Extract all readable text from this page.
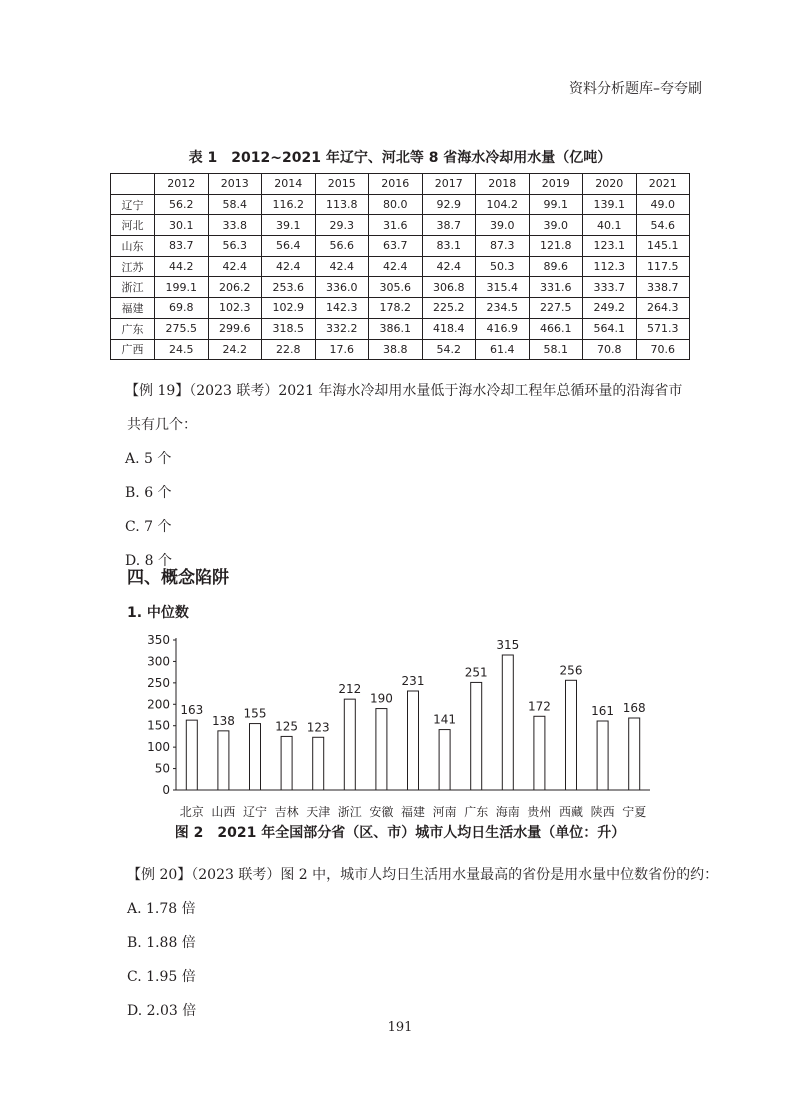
资料分析题库–夸夸刷
表 1　2012~2021 年辽宁、河北等 8 省海水冷却用水量（亿吨）
	2012	2013	2014	2015	2016	2017	2018	2019	2020	2021
辽宁	56.2	58.4	116.2	113.8	80.0	92.9	104.2	99.1	139.1	49.0
河北	30.1	33.8	39.1	29.3	31.6	38.7	39.0	39.0	40.1	54.6
山东	83.7	56.3	56.4	56.6	63.7	83.1	87.3	121.8	123.1	145.1
江苏	44.2	42.4	42.4	42.4	42.4	42.4	50.3	89.6	112.3	117.5
浙江	199.1	206.2	253.6	336.0	305.6	306.8	315.4	331.6	333.7	338.7
福建	69.8	102.3	102.9	142.3	178.2	225.2	234.5	227.5	249.2	264.3
广东	275.5	299.6	318.5	332.2	386.1	418.4	416.9	466.1	564.1	571.3
广西	24.5	24.2	22.8	17.6	38.8	54.2	61.4	58.1	70.8	70.6
【例 19】（2023 联考）2021 年海水冷却用水量低于海水冷却工程年总循环量的沿海省市共有几个：
A. 5 个
B. 6 个
C. 7 个
D. 8 个
四、概念陷阱
1. 中位数
0
50
100
150
200
250
300
350
163
北京
138
山西
155
辽宁
125
吉林
123
天津
212
浙江
190
安徽
231
福建
141
河南
251
广东
315
海南
172
贵州
256
西藏
161
陕西
168
宁夏
图 2　2021 年全国部分省（区、市）城市人均日生活水量（单位：升）
【例 20】（2023 联考）图 2 中，城市人均日生活用水量最高的省份是用水量中位数省份的约：
A. 1.78 倍
B. 1.88 倍
C. 1.95 倍
D. 2.03 倍
191
